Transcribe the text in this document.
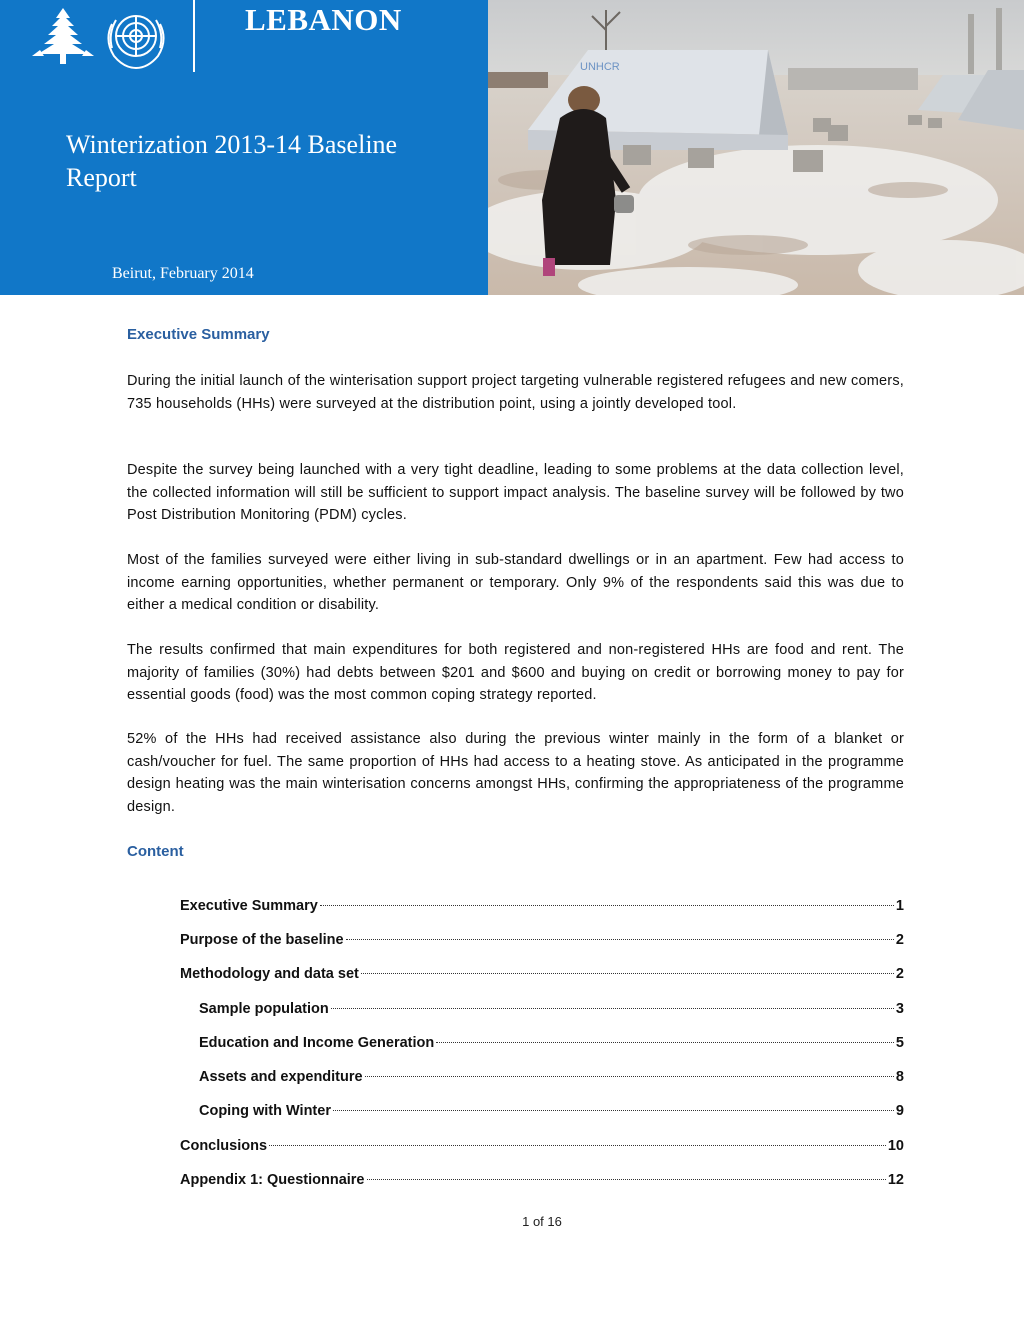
LEBANON
Winterization 2013-14 Baseline
Report
Beirut, February 2014
UNHCR
Executive Summary

During the initial launch of the winterisation support project targeting vulnerable registered refugees and new comers, 735 households (HHs) were surveyed at the distribution point, using a jointly developed tool.

Despite the survey being launched with a very tight deadline, leading to some problems at the data collection level, the collected information will still be sufficient to support impact analysis. The baseline survey will be followed by two Post Distribution Monitoring (PDM) cycles.

Most of the families surveyed were either living in sub-standard dwellings or in an apartment. Few had access to income earning opportunities, whether permanent or temporary. Only 9% of the respondents said this was due to either a medical condition or disability.

The results confirmed that main expenditures for both registered and non-registered HHs are food and rent. The majority of families (30%) had debts between $201 and $600 and buying on credit or borrowing money to pay for essential goods (food) was the most common coping strategy reported.

52% of the HHs had received assistance also during the previous winter mainly in the form of a blanket or cash/voucher for fuel. The same proportion of HHs had access to a heating stove. As anticipated in the programme design heating was the main winterisation concerns amongst HHs, confirming the appropriateness of the programme design.

Content
Executive Summary	1
Purpose of the baseline	2
Methodology and data set	2
Sample population	3
Education and Income Generation	5
Assets and expenditure	8
Coping with Winter	9
Conclusions	10
Appendix 1: Questionnaire	12
1 of 16
